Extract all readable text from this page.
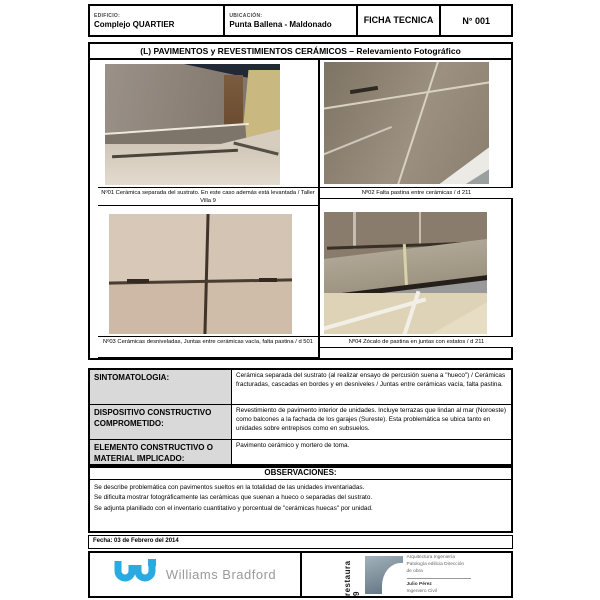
EDIFICIO:
Complejo QUARTIER
UBICACIÓN:
Punta Ballena - Maldonado	FICHA TECNICA	N° 001
(L) PAVIMENTOS y REVESTIMIENTOS CERÁMICOS – Relevamiento Fotográfico
Nº01 Cerámica separada del sustrato. En este caso además está levantada / Taller Villa 9
Nº02 Falta pastina entre cerámicas / d 211
Nº03 Cerámicas desniveladas, Juntas entre cerámicas vacía, falta pastina / d 501	Nº04 Zócalo de pastina en juntas con estatos / d 211
SINTOMATOLOGIA:	Cerámica separada del sustrato (al realizar ensayo de percusión suena a "hueco") / Cerámicas fracturadas, cascadas en bordes y en desniveles / Juntas entre cerámicas vacía, falta pastina.
DISPOSITIVO CONSTRUCTIVO COMPROMETIDO:
Revestimiento de pavimento interior de unidades. Incluye terrazas que lindan al mar (Noroeste) como balcones a la fachada de los garajes (Sureste). Esta problemática se ubica tanto en unidades sobre entrepisos como en subsuelos.
ELEMENTO CONSTRUCTIVO O MATERIAL IMPLICADO:
Pavimento cerámico y mortero de toma.
OBSERVACIONES:
Se describe problemática con pavimentos sueltos en la totalidad de las unidades inventariadas.
Se dificulta mostrar fotográficamente las cerámicas que suenan a hueco o separadas del sustrato.
Se adjunta planillado con el inventario cuantitativo y porcentual de "cerámicas huecas" por unidad.
Fecha: 03 de Febrero del 2014
Williams Bradford	restaura 9
Arquitectura Ingeniería Patología edilicia Dirección de obra
Julio Pérez
Ingeniero Civil
